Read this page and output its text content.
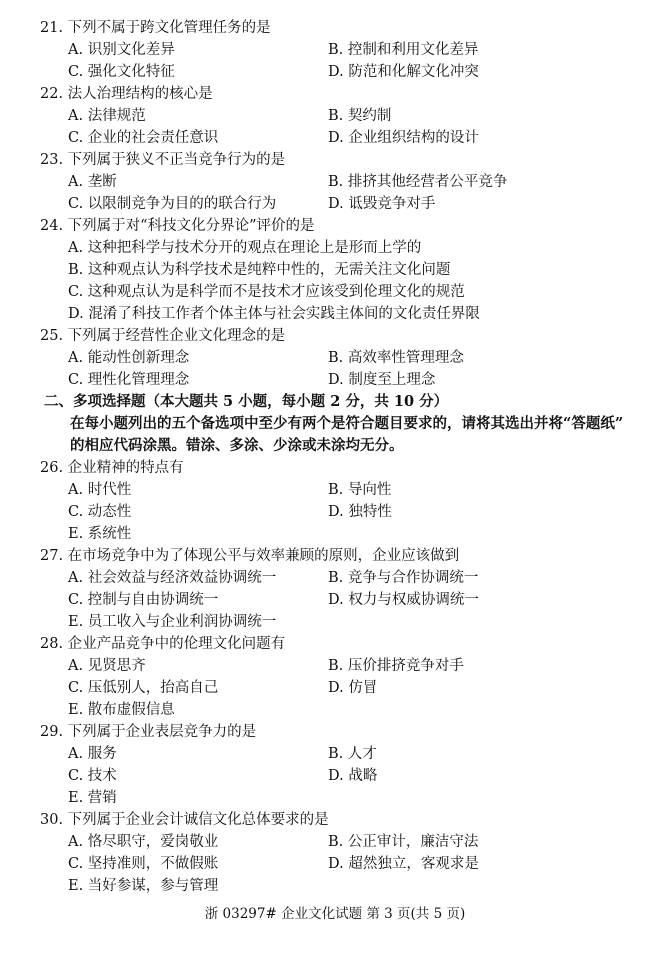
21. 下列不属于跨文化管理任务的是
A. 识别文化差异	B. 控制和利用文化差异
C. 强化文化特征	D. 防范和化解文化冲突
22. 法人治理结构的核心是
A. 法律规范	B. 契约制
C. 企业的社会责任意识	D. 企业组织结构的设计
23. 下列属于狭义不正当竞争行为的是
A. 垄断	B. 排挤其他经营者公平竞争
C. 以限制竞争为目的的联合行为	D. 诋毁竞争对手
24. 下列属于对“科技文化分界论”评价的是
A. 这种把科学与技术分开的观点在理论上是形而上学的
B. 这种观点认为科学技术是纯粹中性的，无需关注文化问题
C. 这种观点认为是科学而不是技术才应该受到伦理文化的规范
D. 混淆了科技工作者个体主体与社会实践主体间的文化责任界限
25. 下列属于经营性企业文化理念的是
A. 能动性创新理念	B. 高效率性管理理念
C. 理性化管理理念	D. 制度至上理念
二、多项选择题（本大题共 5 小题，每小题 2 分，共 10 分）
在每小题列出的五个备选项中至少有两个是符合题目要求的，请将其选出并将“答题纸”
的相应代码涂黑。错涂、多涂、少涂或未涂均无分。
26. 企业精神的特点有
A. 时代性	B. 导向性
C. 动态性	D. 独特性
E. 系统性
27. 在市场竞争中为了体现公平与效率兼顾的原则，企业应该做到
A. 社会效益与经济效益协调统一	B. 竞争与合作协调统一
C. 控制与自由协调统一	D. 权力与权威协调统一
E. 员工收入与企业利润协调统一
28. 企业产品竞争中的伦理文化问题有
A. 见贤思齐	B. 压价排挤竞争对手
C. 压低别人，抬高自己	D. 仿冒
E. 散布虚假信息
29. 下列属于企业表层竞争力的是
A. 服务	B. 人才
C. 技术	D. 战略
E. 营销
30. 下列属于企业会计诚信文化总体要求的是
A. 恪尽职守，爱岗敬业	B. 公正审计，廉洁守法
C. 坚持准则，不做假账	D. 超然独立，客观求是
E. 当好参谋，参与管理
浙 03297# 企业文化试题 第 3 页(共 5 页)
